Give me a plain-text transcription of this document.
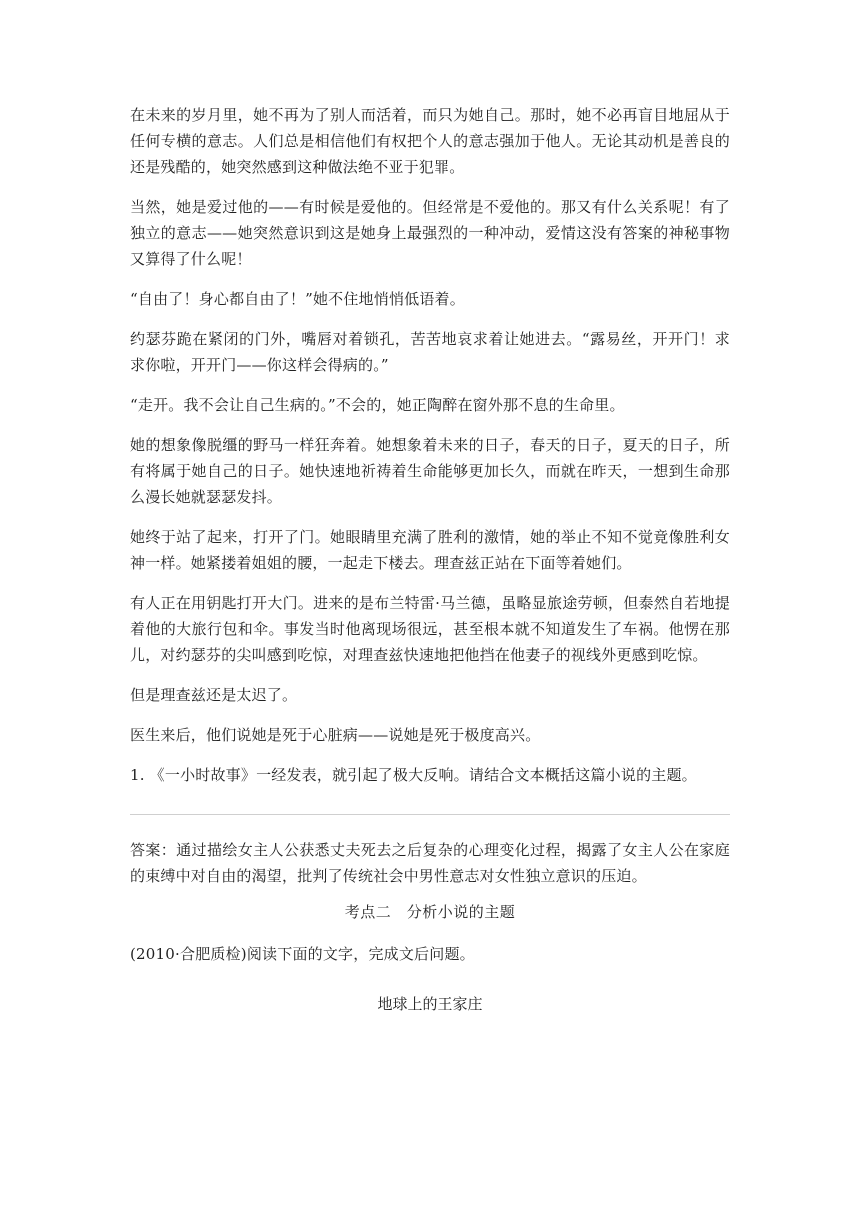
在未来的岁月里，她不再为了别人而活着，而只为她自己。那时，她不必再盲目地屈从于任何专横的意志。人们总是相信他们有权把个人的意志强加于他人。无论其动机是善良的还是残酷的，她突然感到这种做法绝不亚于犯罪。

当然，她是爱过他的——有时候是爱他的。但经常是不爱他的。那又有什么关系呢！有了独立的意志——她突然意识到这是她身上最强烈的一种冲动，爱情这没有答案的神秘事物又算得了什么呢！

“自由了！身心都自由了！”她不住地悄悄低语着。

约瑟芬跪在紧闭的门外，嘴唇对着锁孔，苦苦地哀求着让她进去。“露易丝，开开门！求求你啦，开开门——你这样会得病的。”

“走开。我不会让自己生病的。”不会的，她正陶醉在窗外那不息的生命里。

她的想象像脱缰的野马一样狂奔着。她想象着未来的日子，春天的日子，夏天的日子，所有将属于她自己的日子。她快速地祈祷着生命能够更加长久，而就在昨天，一想到生命那么漫长她就瑟瑟发抖。

她终于站了起来，打开了门。她眼睛里充满了胜利的激情，她的举止不知不觉竟像胜利女神一样。她紧搂着姐姐的腰，一起走下楼去。理查兹正站在下面等着她们。

有人正在用钥匙打开大门。进来的是布兰特雷·马兰德，虽略显旅途劳顿，但泰然自若地提着他的大旅行包和伞。事发当时他离现场很远，甚至根本就不知道发生了车祸。他愣在那儿，对约瑟芬的尖叫感到吃惊，对理查兹快速地把他挡在他妻子的视线外更感到吃惊。

但是理查兹还是太迟了。

医生来后，他们说她是死于心脏病——说她是死于极度高兴。

1. 《一小时故事》一经发表，就引起了极大反响。请结合文本概括这篇小说的主题。

答案：通过描绘女主人公获悉丈夫死去之后复杂的心理变化过程，揭露了女主人公在家庭的束缚中对自由的渴望，批判了传统社会中男性意志对女性独立意识的压迫。

考点二　分析小说的主题

(2010·合肥质检)阅读下面的文字，完成文后问题。

地球上的王家庄
